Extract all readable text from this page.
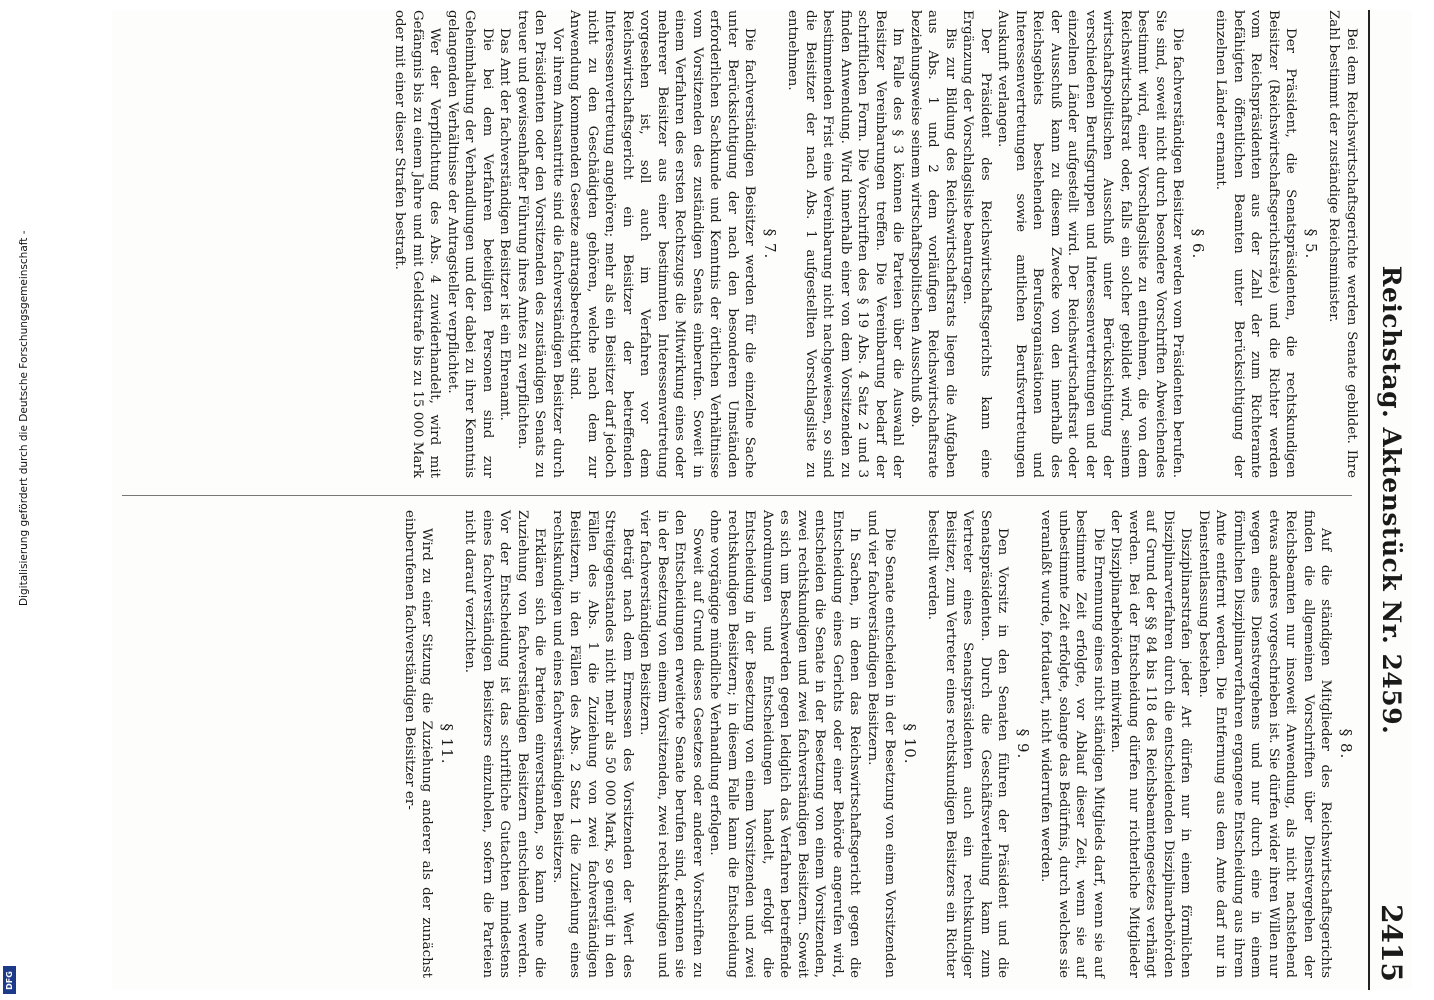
Digitalisierung gefördert durch die Deutsche Forschungsgemeinschaft -
DFG
Reichstag. Aktenstück Nr. 2459.
2415

Bei dem Reichswirtschaftsgerichte werden Senate gebildet. Ihre Zahl bestimmt der zuständige Reichsminister.

§ 5.

Der Präsident, die Senatspräsidenten, die rechtskundigen Beisitzer (Reichswirtschaftsgerichtsräte) und die Richter werden vom Reichspräsidenten aus der Zahl der zum Richteramte befähigten öffentlichen Beamten unter Berücksichtigung der einzelnen Länder ernannt.

§ 6.

Die fachverständigen Beisitzer werden vom Präsidenten berufen. Sie sind, soweit nicht durch besondere Vorschriften Abweichendes bestimmt wird, einer Vorschlagsliste zu entnehmen, die von dem Reichswirtschaftsrat oder, falls ein solcher gebildet wird, seinem wirtschaftspolitischen Ausschuß unter Berücksichtigung der verschiedenen Berufsgruppen und Interessenvertretungen und der einzelnen Länder aufgestellt wird. Der Reichswirtschaftsrat oder der Ausschuß kann zu diesem Zwecke von den innerhalb des Reichsgebiets bestehenden Berufsorganisationen und Interessenvertretungen sowie amtlichen Berufsvertretungen Auskunft verlangen.

Der Präsident des Reichswirtschaftsgerichts kann eine Ergänzung der Vorschlagsliste beantragen.

Bis zur Bildung des Reichswirtschaftsrats liegen die Aufgaben aus Abs. 1 und 2 dem vorläufigen Reichswirtschaftsrate beziehungsweise seinem wirtschaftspolitischen Ausschuß ob.

Im Falle des § 3 können die Parteien über die Auswahl der Beisitzer Vereinbarungen treffen. Die Vereinbarung bedarf der schriftlichen Form. Die Vorschriften des § 19 Abs. 4 Satz 2 und 3 finden Anwendung. Wird innerhalb einer von dem Vorsitzenden zu bestimmenden Frist eine Vereinbarung nicht nachgewiesen, so sind die Beisitzer der nach Abs. 1 aufgestellten Vorschlagsliste zu entnehmen.

§ 7.

Die fachverständigen Beisitzer werden für die einzelne Sache unter Berücksichtigung der nach den besonderen Umständen erforderlichen Sachkunde und Kenntnis der örtlichen Verhältnisse vom Vorsitzenden des zuständigen Senats einberufen. Soweit in einem Verfahren des ersten Rechtszugs die Mitwirkung eines oder mehrerer Beisitzer aus einer bestimmten Interessenvertretung vorgesehen ist, soll auch im Verfahren vor dem Reichswirtschaftsgericht ein Beisitzer der betreffenden Interessenvertretung angehören; mehr als ein Beisitzer darf jedoch nicht zu den Geschädigten gehören, welche nach dem zur Anwendung kommenden Gesetze antragsberechtigt sind.

Vor ihrem Amtsantritte sind die fachverständigen Beisitzer durch den Präsidenten oder den Vorsitzenden des zuständigen Senats zu treuer und gewissenhafter Führung ihres Amtes zu verpflichten.

Das Amt der fachverständigen Beisitzer ist ein Ehrenamt.

Die bei dem Verfahren beteiligten Personen sind zur Geheimhaltung der Verhandlungen und der dabei zu ihrer Kenntnis gelangenden Verhältnisse der Antragsteller verpflichtet.

Wer der Verpflichtung des Abs. 4 zuwiderhandelt, wird mit Gefängnis bis zu einem Jahre und mit Geldstrafe bis zu 15 000 Mark oder mit einer dieser Strafen bestraft.

§ 8.

Auf die ständigen Mitglieder des Reichswirtschaftsgerichts finden die allgemeinen Vorschriften über Dienstvergehen der Reichsbeamten nur insoweit Anwendung, als nicht nachstehend etwas anderes vorgeschrieben ist. Sie dürfen wider ihren Willen nur wegen eines Dienstvergehens und nur durch eine in einem förmlichen Disziplinarverfahren ergangene Entscheidung aus ihrem Amte entfernt werden. Die Entfernung aus dem Amte darf nur in Dienstentlassung bestehen.

Disziplinarstrafen jeder Art dürfen nur in einem förmlichen Disziplinarverfahren durch die entscheidenden Disziplinarbehörden auf Grund der §§ 84 bis 118 des Reichsbeamtengesetzes verhängt werden. Bei der Entscheidung dürfen nur richterliche Mitglieder der Disziplinarbehörden mitwirken.

Die Ernennung eines nicht ständigen Mitglieds darf, wenn sie auf bestimmte Zeit erfolgte, vor Ablauf dieser Zeit, wenn sie auf unbestimmte Zeit erfolgte, solange das Bedürfnis, durch welches sie veranlaßt wurde, fortdauert, nicht widerrufen werden.

§ 9.

Den Vorsitz in den Senaten führen der Präsident und die Senatspräsidenten. Durch die Geschäftsverteilung kann zum Vertreter eines Senatspräsidenten auch ein rechtskundiger Beisitzer, zum Vertreter eines rechtskundigen Beisitzers ein Richter bestellt werden.

§ 10.

Die Senate entscheiden in der Besetzung von einem Vorsitzenden und vier fachverständigen Beisitzern.

In Sachen, in denen das Reichswirtschaftsgericht gegen die Entscheidung eines Gerichts oder einer Behörde angerufen wird, entscheiden die Senate in der Besetzung von einem Vorsitzenden, zwei rechtskundigen und zwei fachverständigen Beisitzern. Soweit es sich um Beschwerden gegen lediglich das Verfahren betreffende Anordnungen und Entscheidungen handelt, erfolgt die Entscheidung in der Besetzung von einem Vorsitzenden und zwei rechtskundigen Beisitzern; in diesem Falle kann die Entscheidung ohne vorgängige mündliche Verhandlung erfolgen.

Soweit auf Grund dieses Gesetzes oder anderer Vorschriften zu den Entscheidungen erweiterte Senate berufen sind, erkennen sie in der Besetzung von einem Vorsitzenden, zwei rechtskundigen und vier fachverständigen Beisitzern.

Beträgt nach dem Ermessen des Vorsitzenden der Wert des Streitgegenstandes nicht mehr als 50 000 Mark, so genügt in den Fällen des Abs. 1 die Zuziehung von zwei fachverständigen Beisitzern, in den Fällen des Abs. 2 Satz 1 die Zuziehung eines rechtskundigen und eines fachverständigen Beisitzers.

Erklären sich die Parteien einverstanden, so kann ohne die Zuziehung von fachverständigen Beisitzern entschieden werden. Vor der Entscheidung ist das schriftliche Gutachten mindestens eines fachverständigen Beisitzers einzuholen, sofern die Parteien nicht darauf verzichten.

§ 11.

Wird zu einer Sitzung die Zuziehung anderer als der zunächst einberufenen fachverständigen Beisitzer er-
